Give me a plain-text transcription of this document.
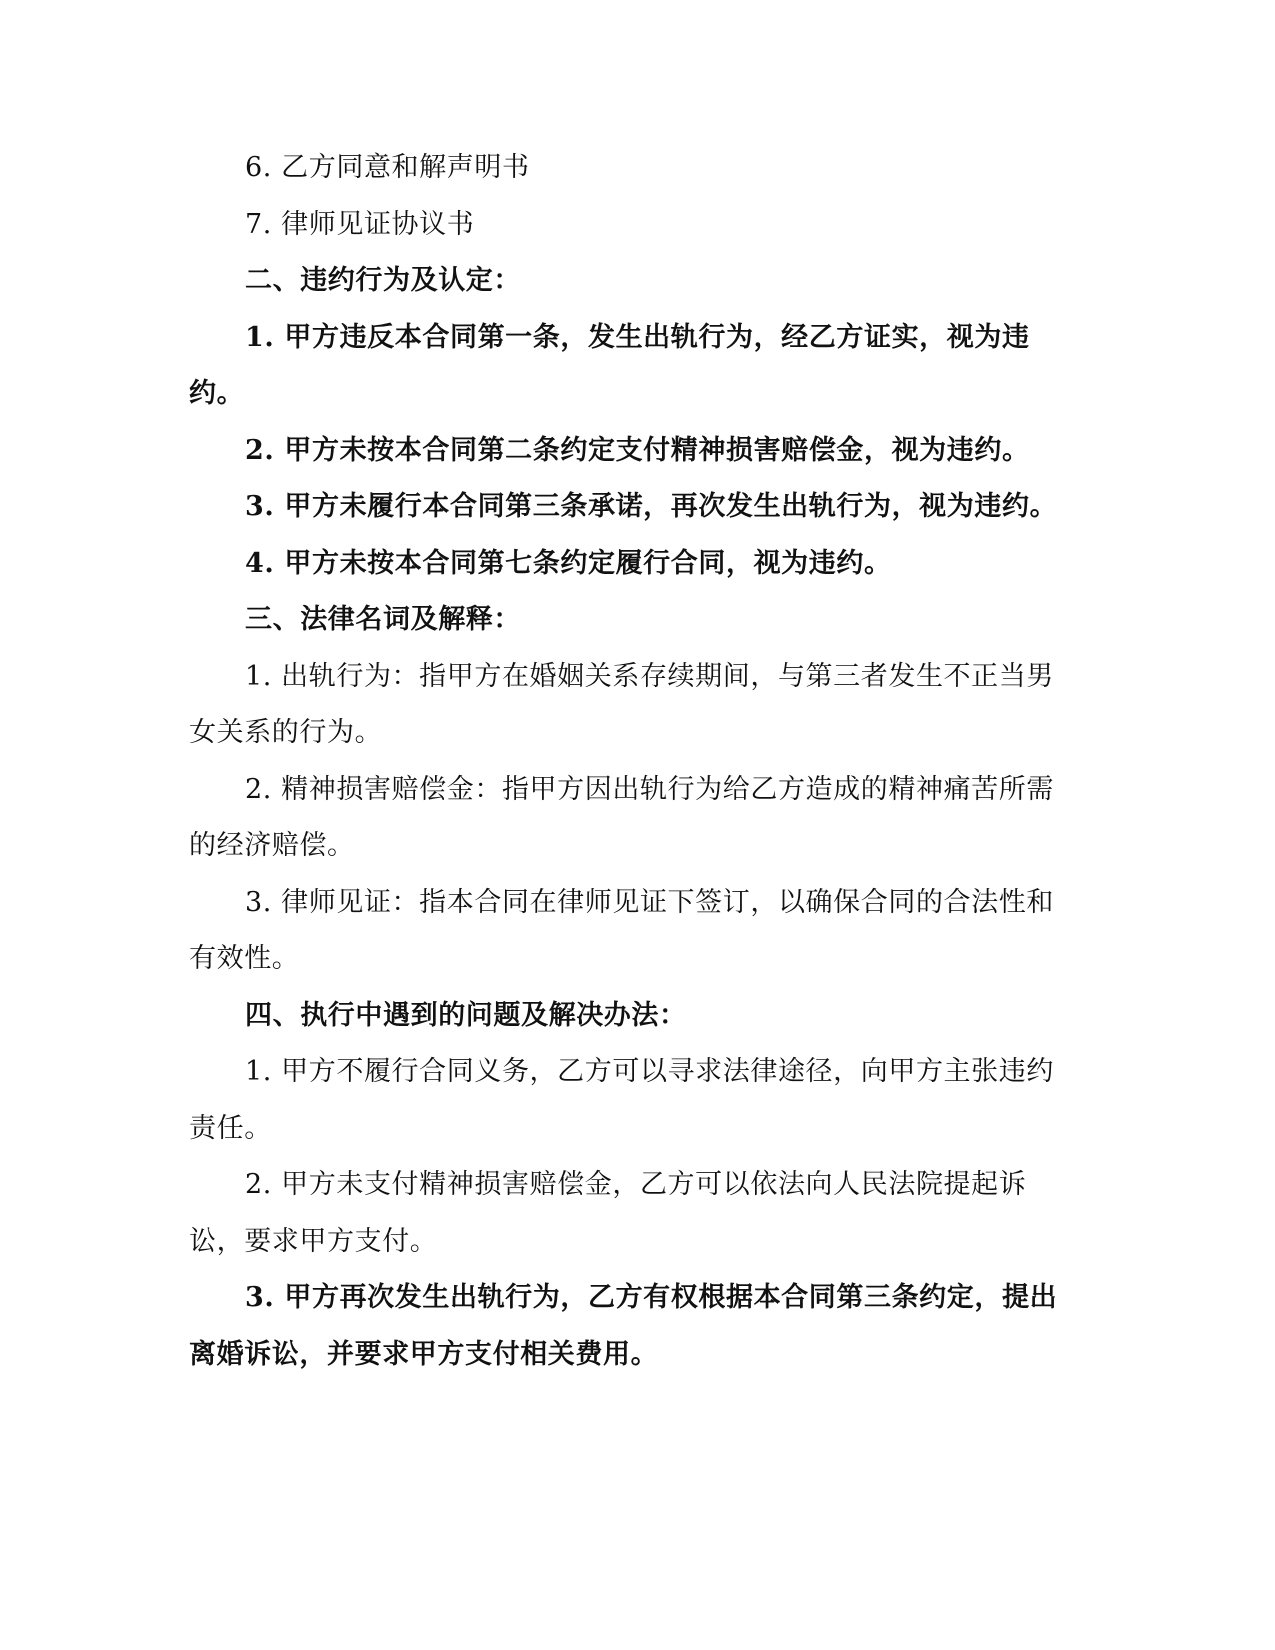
6. 乙方同意和解声明书

7. 律师见证协议书

二、违约行为及认定：

1. 甲方违反本合同第一条，发生出轨行为，经乙方证实，视为违约。

2. 甲方未按本合同第二条约定支付精神损害赔偿金，视为违约。

3. 甲方未履行本合同第三条承诺，再次发生出轨行为，视为违约。

4. 甲方未按本合同第七条约定履行合同，视为违约。

三、法律名词及解释：

1. 出轨行为：指甲方在婚姻关系存续期间，与第三者发生不正当男女关系的行为。

2. 精神损害赔偿金：指甲方因出轨行为给乙方造成的精神痛苦所需的经济赔偿。

3. 律师见证：指本合同在律师见证下签订，以确保合同的合法性和有效性。

四、执行中遇到的问题及解决办法：

1. 甲方不履行合同义务，乙方可以寻求法律途径，向甲方主张违约责任。

2. 甲方未支付精神损害赔偿金，乙方可以依法向人民法院提起诉讼，要求甲方支付。

3. 甲方再次发生出轨行为，乙方有权根据本合同第三条约定，提出离婚诉讼，并要求甲方支付相关费用。
